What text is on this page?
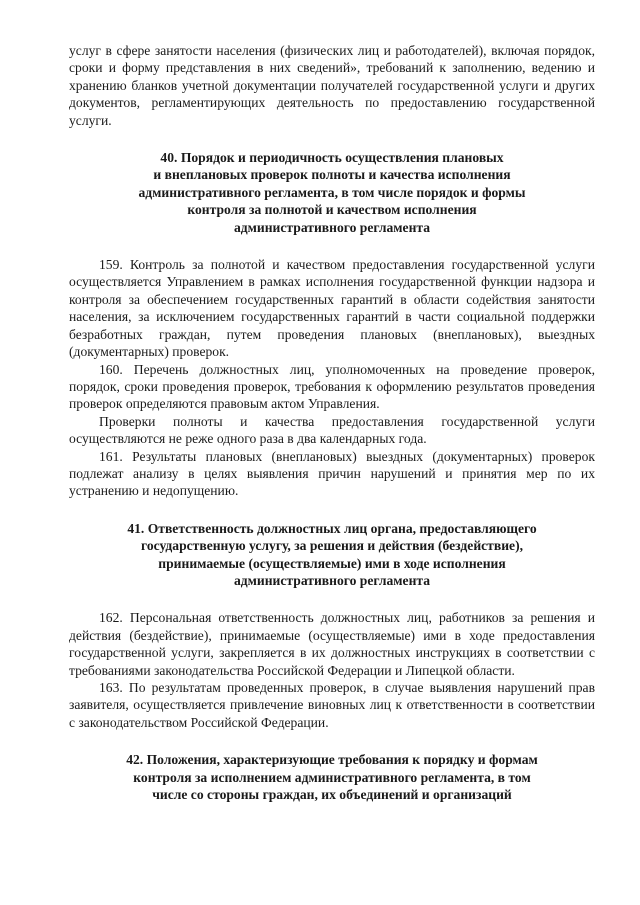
услуг в сфере занятости населения (физических лиц и работодателей), включая порядок, сроки и форму представления в них сведений», требований к заполнению, ведению и хранению бланков учетной документации получателей государственной услуги и других документов, регламентирующих деятельность по предоставлению государственной услуги.

40. Порядок и периодичность осуществления плановых
и внеплановых проверок полноты и качества исполнения
административного регламента, в том числе порядок и формы
контроля за полнотой и качеством исполнения
административного регламента

159. Контроль за полнотой и качеством предоставления государственной услуги осуществляется Управлением в рамках исполнения государственной функции надзора и контроля за обеспечением государственных гарантий в области содействия занятости населения, за исключением государственных гарантий в части социальной поддержки безработных граждан, путем проведения плановых (внеплановых), выездных (документарных) проверок.

160. Перечень должностных лиц, уполномоченных на проведение проверок, порядок, сроки проведения проверок, требования к оформлению результатов проведения проверок определяются правовым актом Управления.

Проверки полноты и качества предоставления государственной услуги осуществляются не реже одного раза в два календарных года.

161. Результаты плановых (внеплановых) выездных (документарных) проверок подлежат анализу в целях выявления причин нарушений и принятия мер по их устранению и недопущению.

41. Ответственность должностных лиц органа, предоставляющего
государственную услугу, за решения и действия (бездействие),
принимаемые (осуществляемые) ими в ходе исполнения
административного регламента

162. Персональная ответственность должностных лиц, работников за решения и действия (бездействие), принимаемые (осуществляемые) ими в ходе предоставления государственной услуги, закрепляется в их должностных инструкциях в соответствии с требованиями законодательства Российской Федерации и Липецкой области.

163. По результатам проведенных проверок, в случае выявления нарушений прав заявителя, осуществляется привлечение виновных лиц к ответственности в соответствии с законодательством Российской Федерации.

42. Положения, характеризующие требования к порядку и формам
контроля за исполнением административного регламента, в том
числе со стороны граждан, их объединений и организаций
